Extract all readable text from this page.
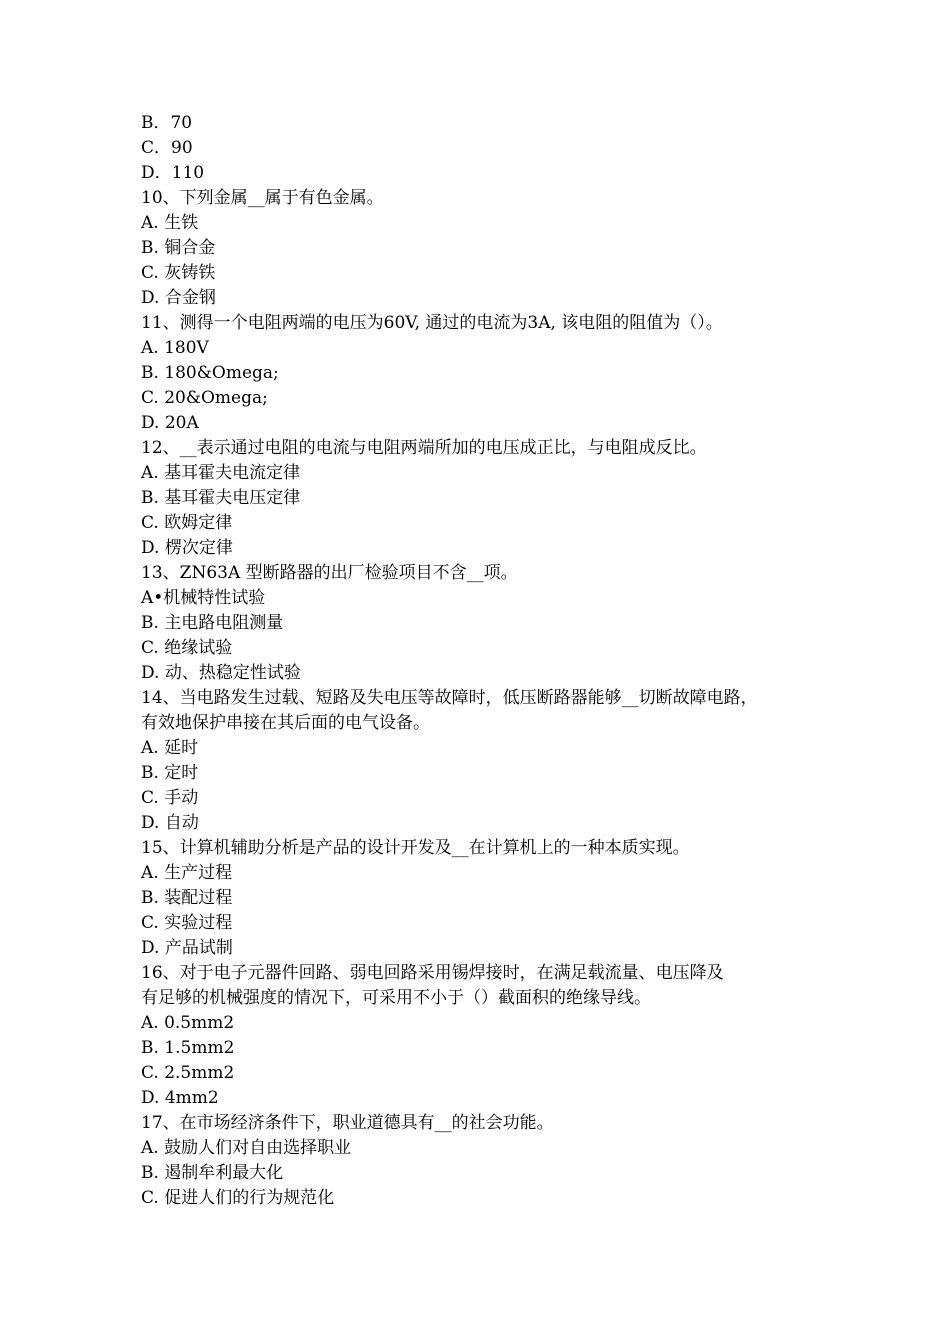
B．70
C．90
D．110
10、下列金属__属于有色金属。
A. 生铁
B. 铜合金
C. 灰铸铁
D. 合金钢
11、测得一个电阻两端的电压为60V, 通过的电流为3A, 该电阻的阻值为（）。
A. 180V
B. 180&Omega;
C. 20&Omega;
D. 20A
12、__表示通过电阻的电流与电阻两端所加的电压成正比，与电阻成反比。
A. 基耳霍夫电流定律
B. 基耳霍夫电压定律
C. 欧姆定律
D. 楞次定律
13、ZN63A 型断路器的出厂检验项目不含__项。
A•机械特性试验
B. 主电路电阻测量
C. 绝缘试验
D. 动、热稳定性试验
14、当电路发生过载、短路及失电压等故障时，低压断路器能够__切断故障电路，
有效地保护串接在其后面的电气设备。
A. 延时
B. 定时
C. 手动
D. 自动
15、计算机辅助分析是产品的设计开发及__在计算机上的一种本质实现。
A. 生产过程
B. 装配过程
C. 实验过程
D. 产品试制
16、对于电子元器件回路、弱电回路采用锡焊接时，在满足载流量、电压降及
有足够的机械强度的情况下，可采用不小于（）截面积的绝缘导线。
A. 0.5mm2
B. 1.5mm2
C. 2.5mm2
D. 4mm2
17、在市场经济条件下，职业道德具有__的社会功能。
A. 鼓励人们对自由选择职业
B. 遏制牟利最大化
C. 促进人们的行为规范化
